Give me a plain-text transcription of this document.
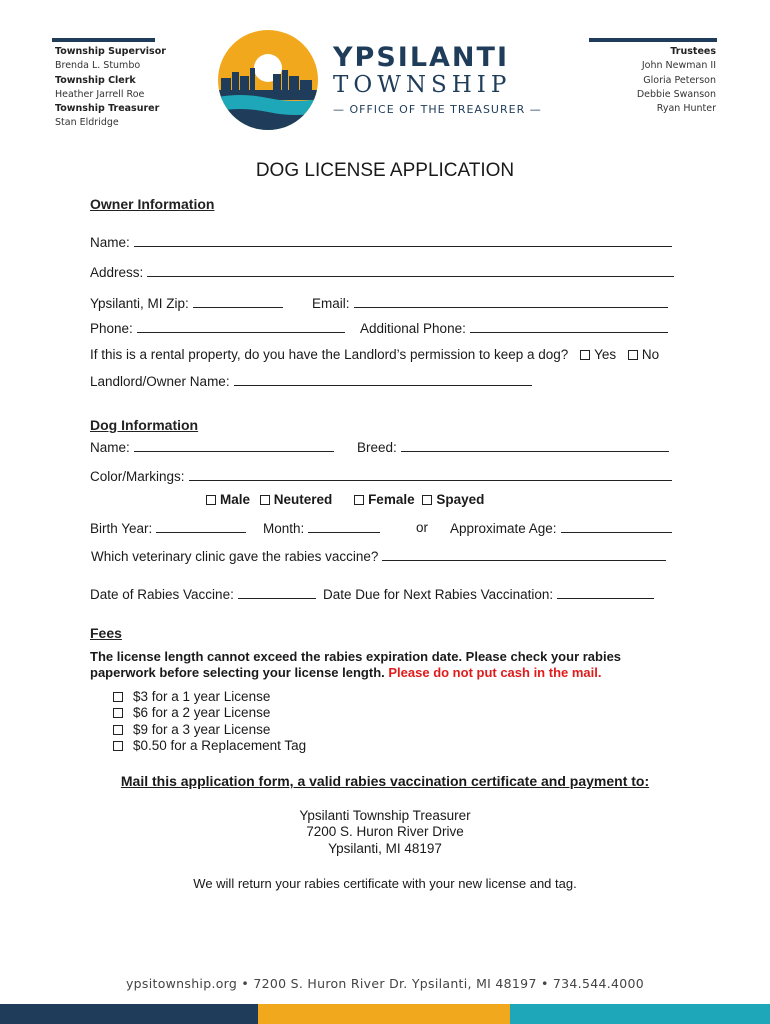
Township Supervisor
Brenda L. Stumbo
Township Clerk
Heather Jarrell Roe
Township Treasurer
Stan Eldridge
Trustees
John Newman II
Gloria Peterson
Debbie Swanson
Ryan Hunter
YPSILANTI
TOWNSHIP
— OFFICE OF THE TREASURER —
DOG LICENSE APPLICATION
Owner Information
Name:
Address:
Ypsilanti, MI Zip:	Email:
Phone:	Additional Phone:
If this is a rental property, do you have the Landlord’s permission to keep a dog? Yes No
Landlord/Owner Name:
Dog Information
Name:	Breed:
Color/Markings:
Male Neutered	Female Spayed
Birth Year:	Month:	or Approximate Age:
Which veterinary clinic gave the rabies vaccine?
Date of Rabies Vaccine:	Date Due for Next Rabies Vaccination:
Fees
The license length cannot exceed the rabies expiration date. Please check your rabies
paperwork before selecting your license length. Please do not put cash in the mail.
$3 for a 1 year License
$6 for a 2 year License
$9 for a 3 year License
$0.50 for a Replacement Tag
Mail this application form, a valid rabies vaccination certificate and payment to:
Ypsilanti Township Treasurer
7200 S. Huron River Drive
Ypsilanti, MI 48197
We will return your rabies certificate with your new license and tag.
ypsitownship.org • 7200 S. Huron River Dr. Ypsilanti, MI 48197 • 734.544.4000
